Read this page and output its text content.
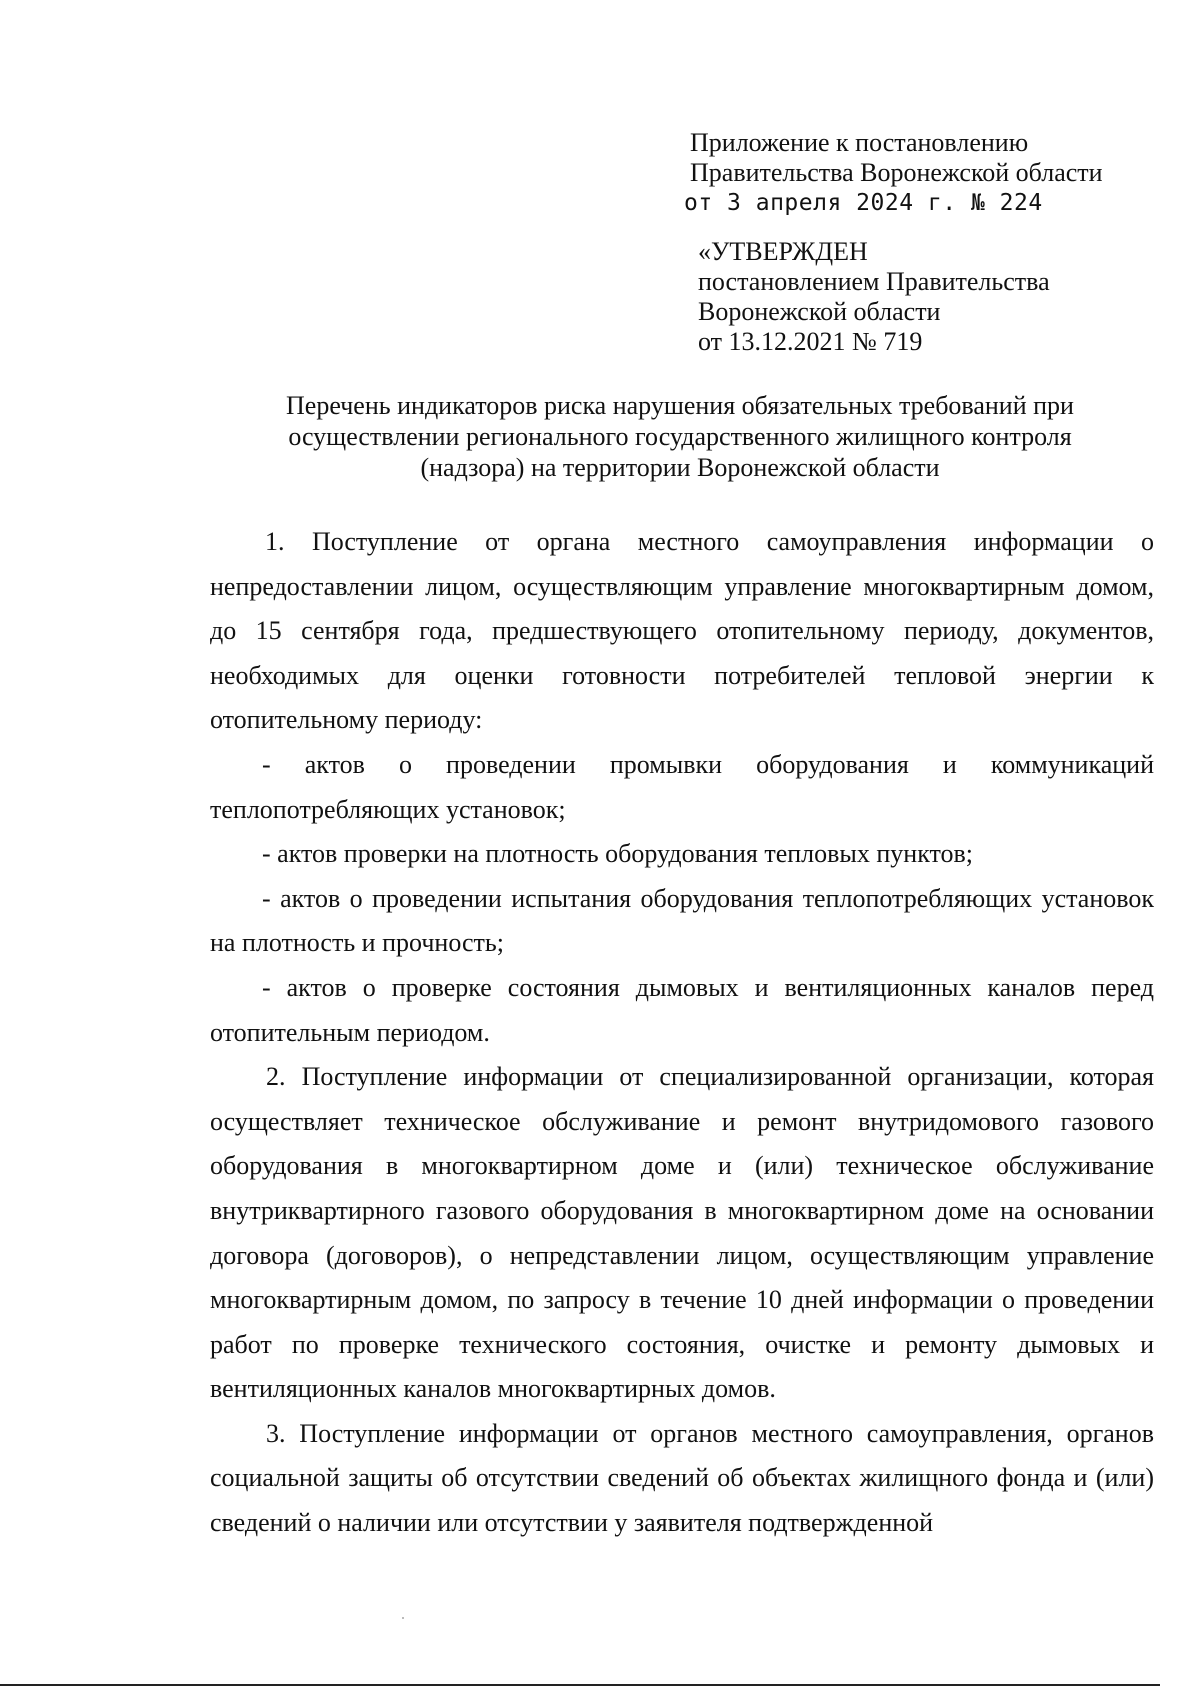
Приложение к постановлению
Правительства Воронежской области
от 3 апреля 2024 г. № 224
«УТВЕРЖДЕН
постановлением Правительства
Воронежской области
от 13.12.2021 № 719
Перечень индикаторов риска нарушения обязательных требований при
осуществлении регионального государственного жилищного контроля
(надзора) на территории Воронежской области

1. Поступление от органа местного самоуправления информации о непредоставлении лицом, осуществляющим управление многоквартирным домом, до 15 сентября года, предшествующего отопительному периоду, документов, необходимых для оценки готовности потребителей тепловой энергии к отопительному периоду:

- актов о проведении промывки оборудования и коммуникаций теплопотребляющих установок;

- актов проверки на плотность оборудования тепловых пунктов;

- актов о проведении испытания оборудования теплопотребляющих установок на плотность и прочность;

- актов о проверке состояния дымовых и вентиляционных каналов перед отопительным периодом.

2. Поступление информации от специализированной организации, которая осуществляет техническое обслуживание и ремонт внутридомового газового оборудования в многоквартирном доме и (или) техническое обслуживание внутриквартирного газового оборудования в многоквартирном доме на основании договора (договоров), о непредставлении лицом, осуществляющим управление многоквартирным домом, по запросу в течение 10 дней информации о проведении работ по проверке технического состояния, очистке и ремонту дымовых и вентиляционных каналов многоквартирных домов.

3. Поступление информации от органов местного самоуправления, органов социальной защиты об отсутствии сведений об объектах жилищного фонда и (или) сведений о наличии или отсутствии у заявителя подтвержденной
